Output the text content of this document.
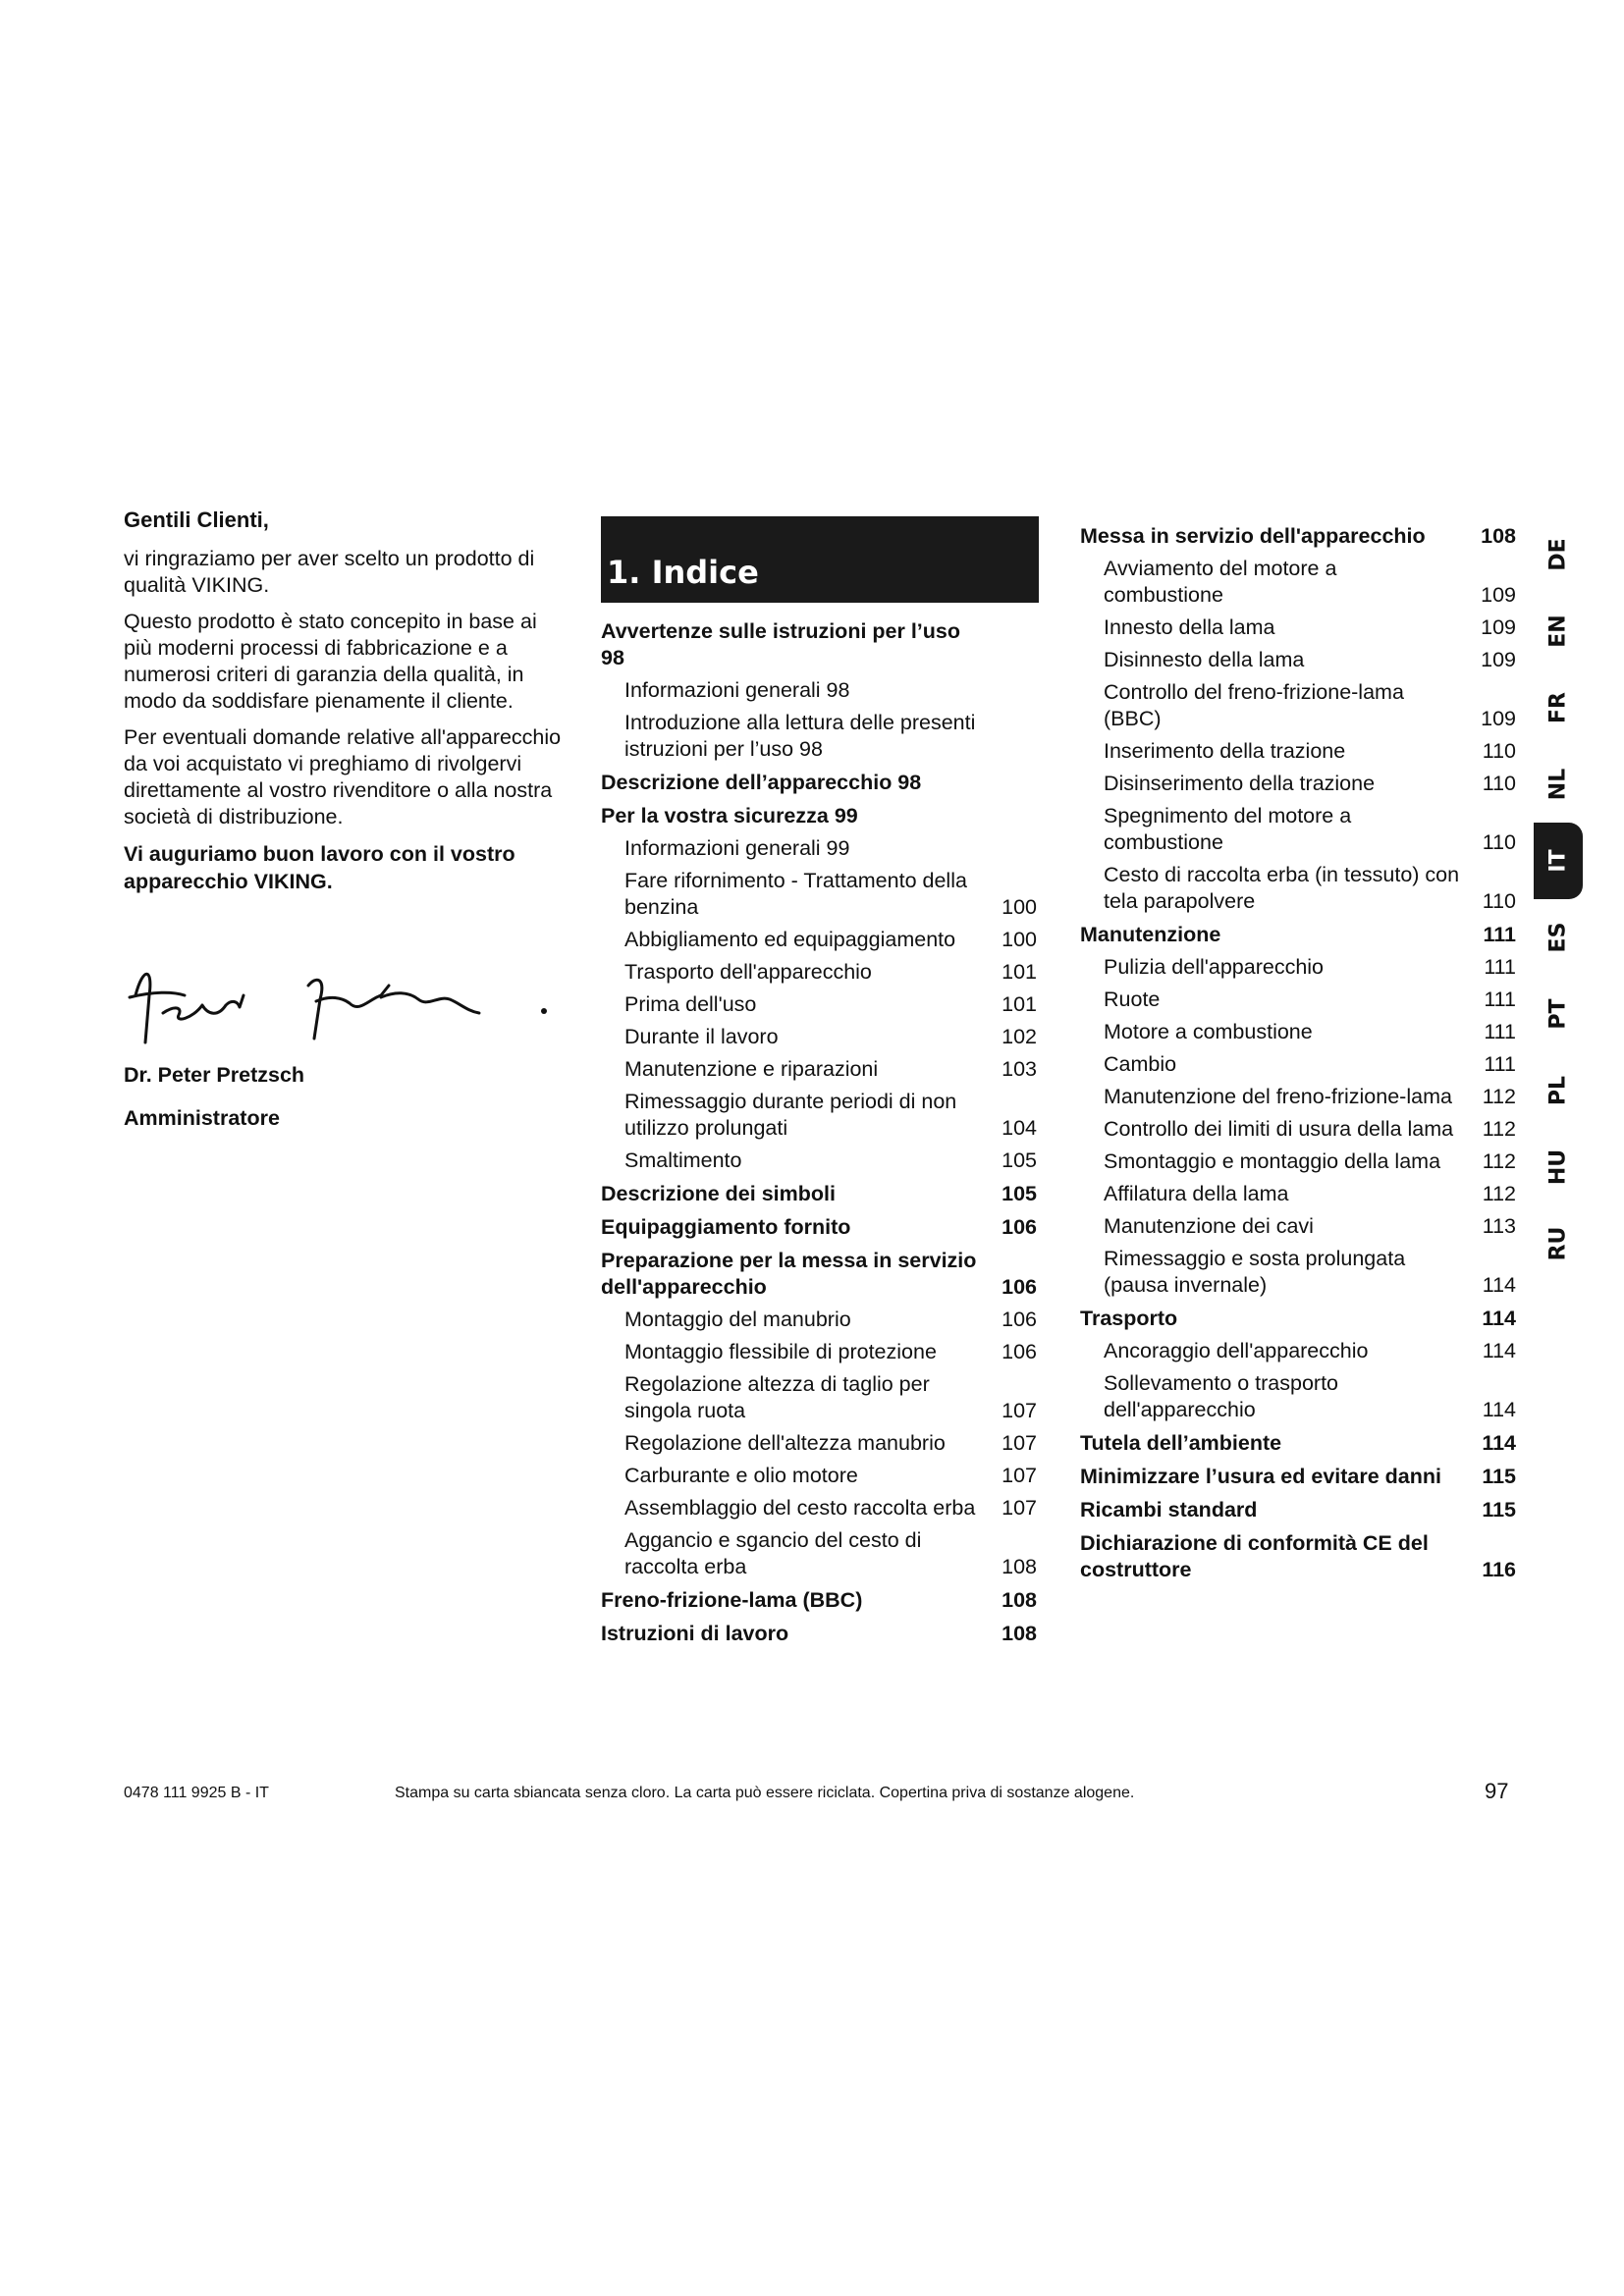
Gentili Clienti,

vi ringraziamo per aver scelto un prodotto di qualità VIKING.

Questo prodotto è stato concepito in base ai più moderni processi di fabbricazione e a numerosi criteri di garanzia della qualità, in modo da soddisfare pienamente il cliente.

Per eventuali domande relative all'apparecchio da voi acquistato vi preghiamo di rivolgervi direttamente al vostro rivenditore o alla nostra società di distribuzione.

Vi auguriamo buon lavoro con il vostro apparecchio VIKING.

Dr. Peter Pretzsch
Amministratore
1. Indice
Avvertenze sulle istruzioni per l’uso 98
Informazioni generali 98
Introduzione alla lettura delle presenti istruzioni per l’uso 98
Descrizione dell’apparecchio 98
Per la vostra sicurezza 99
Informazioni generali 99
Fare rifornimento - Trattamento della benzina	100
Abbigliamento ed equipaggiamento	100
Trasporto dell'apparecchio	101
Prima dell'uso	101
Durante il lavoro	102
Manutenzione e riparazioni	103
Rimessaggio durante periodi di non utilizzo prolungati	104
Smaltimento	105
Descrizione dei simboli	105
Equipaggiamento fornito	106
Preparazione per la messa in servizio dell'apparecchio	106
Montaggio del manubrio	106
Montaggio flessibile di protezione	106
Regolazione altezza di taglio per singola ruota	107
Regolazione dell'altezza manubrio	107
Carburante e olio motore	107
Assemblaggio del cesto raccolta erba	107
Aggancio e sgancio del cesto di raccolta erba	108
Freno-frizione-lama (BBC)	108
Istruzioni di lavoro	108
Messa in servizio dell'apparecchio	108
Avviamento del motore a combustione	109
Innesto della lama	109
Disinnesto della lama	109
Controllo del freno-frizione-lama (BBC)	109
Inserimento della trazione	110
Disinserimento della trazione	110
Spegnimento del motore a combustione	110
Cesto di raccolta erba (in tessuto) con tela parapolvere	110
Manutenzione	111
Pulizia dell'apparecchio	111
Ruote	111
Motore a combustione	111
Cambio	111
Manutenzione del freno-frizione-lama	112
Controllo dei limiti di usura della lama	112
Smontaggio e montaggio della lama	112
Affilatura della lama	112
Manutenzione dei cavi	113
Rimessaggio e sosta prolungata (pausa invernale)	114
Trasporto	114
Ancoraggio dell'apparecchio	114
Sollevamento o trasporto dell'apparecchio	114
Tutela dell’ambiente	114
Minimizzare l’usura ed evitare danni	115
Ricambi standard	115
Dichiarazione di conformità CE del costruttore	116
DE
EN
FR
NL
IT
ES
PT
PL
HU
RU
0478 111 9925 B - IT	Stampa su carta sbiancata senza cloro. La carta può essere riciclata. Copertina priva di sostanze alogene.	97
